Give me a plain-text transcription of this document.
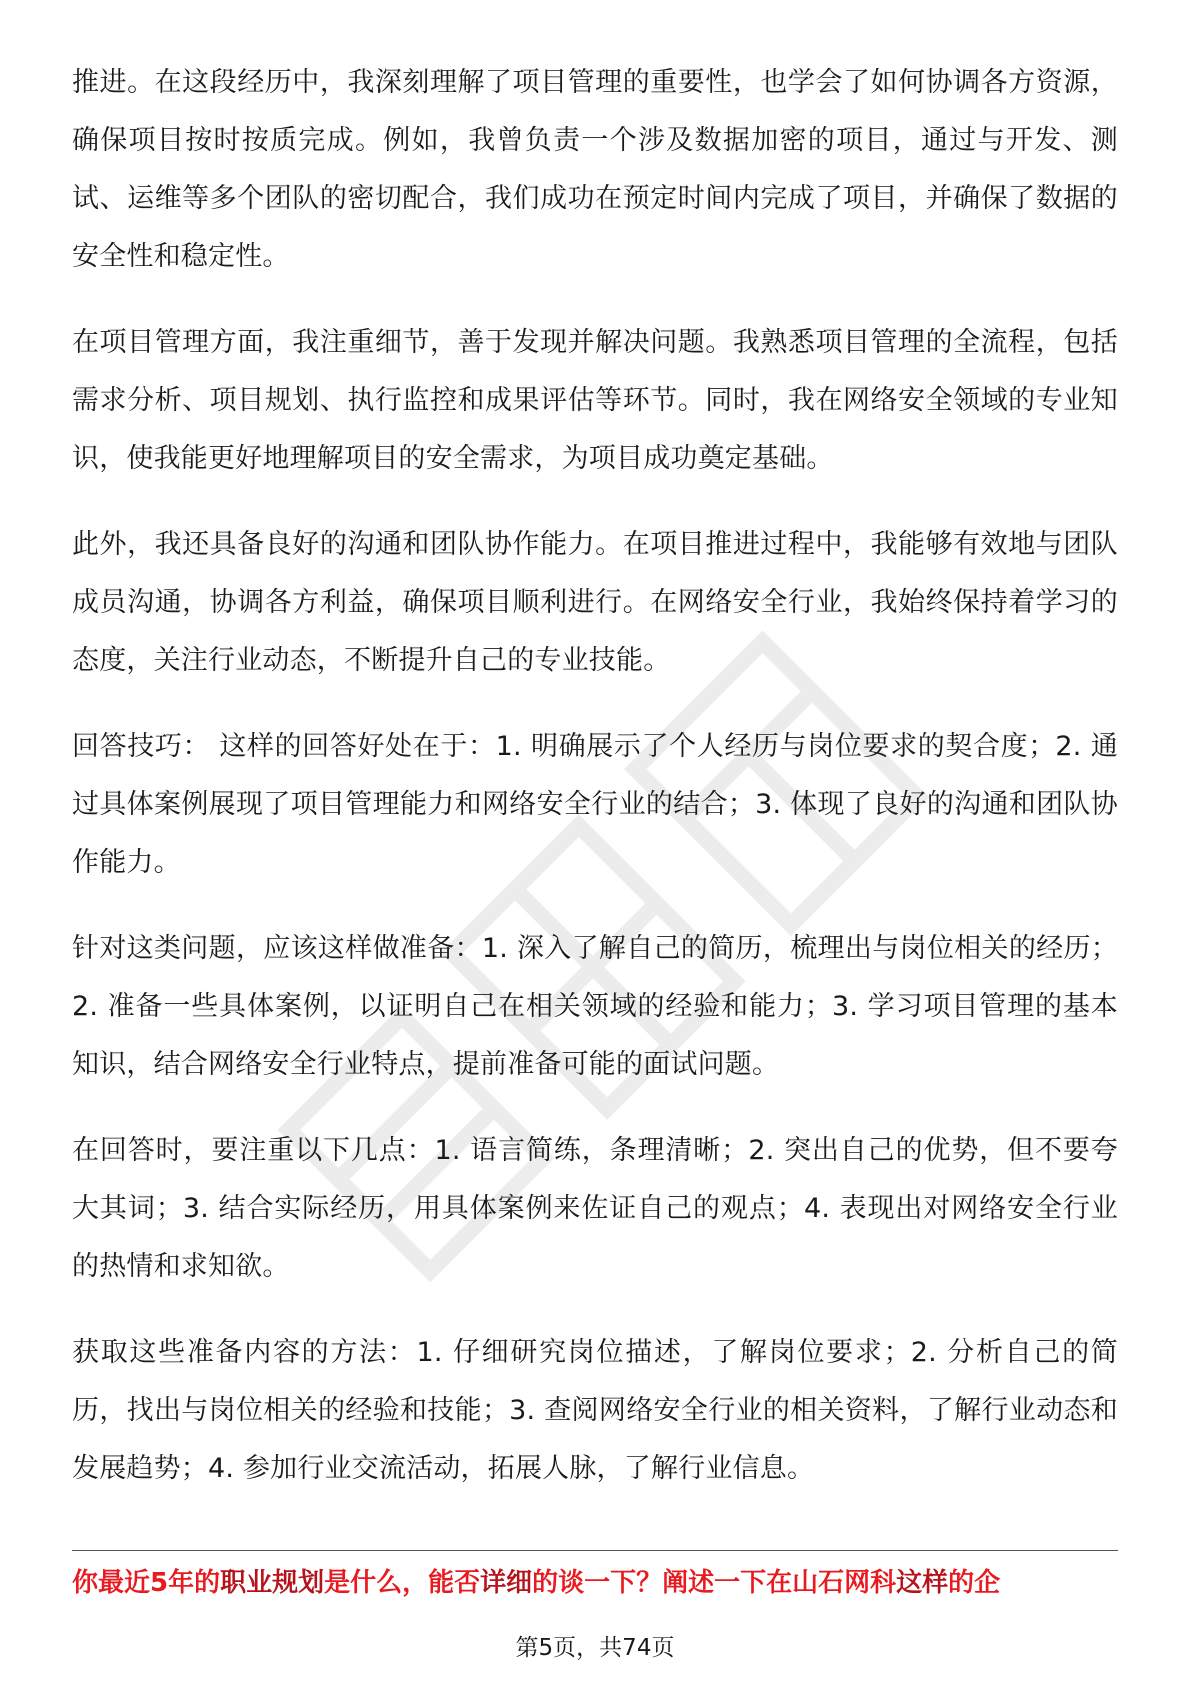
推进。在这段经历中，我深刻理解了项目管理的重要性，也学会了如何协调各方资源，确保项目按时按质完成。例如，我曾负责一个涉及数据加密的项目，通过与开发、测试、运维等多个团队的密切配合，我们成功在预定时间内完成了项目，并确保了数据的安全性和稳定性。

在项目管理方面，我注重细节，善于发现并解决问题。我熟悉项目管理的全流程，包括需求分析、项目规划、执行监控和成果评估等环节。同时，我在网络安全领域的专业知识，使我能更好地理解项目的安全需求，为项目成功奠定基础。

此外，我还具备良好的沟通和团队协作能力。在项目推进过程中，我能够有效地与团队成员沟通，协调各方利益，确保项目顺利进行。在网络安全行业，我始终保持着学习的态度，关注行业动态，不断提升自己的专业技能。

回答技巧： 这样的回答好处在于：1. 明确展示了个人经历与岗位要求的契合度；2. 通过具体案例展现了项目管理能力和网络安全行业的结合；3. 体现了良好的沟通和团队协作能力。

针对这类问题，应该这样做准备：1. 深入了解自己的简历，梳理出与岗位相关的经历；2. 准备一些具体案例，以证明自己在相关领域的经验和能力；3. 学习项目管理的基本知识，结合网络安全行业特点，提前准备可能的面试问题。

在回答时，要注重以下几点：1. 语言简练，条理清晰；2. 突出自己的优势，但不要夸大其词；3. 结合实际经历，用具体案例来佐证自己的观点；4. 表现出对网络安全行业的热情和求知欲。

获取这些准备内容的方法：1. 仔细研究岗位描述，了解岗位要求；2. 分析自己的简历，找出与岗位相关的经验和技能；3. 查阅网络安全行业的相关资料，了解行业动态和发展趋势；4. 参加行业交流活动，拓展人脉，了解行业信息。

你最近5年的职业规划是什么，能否详细的谈一下？阐述一下在山石网科这样的企
第5页，共74页
